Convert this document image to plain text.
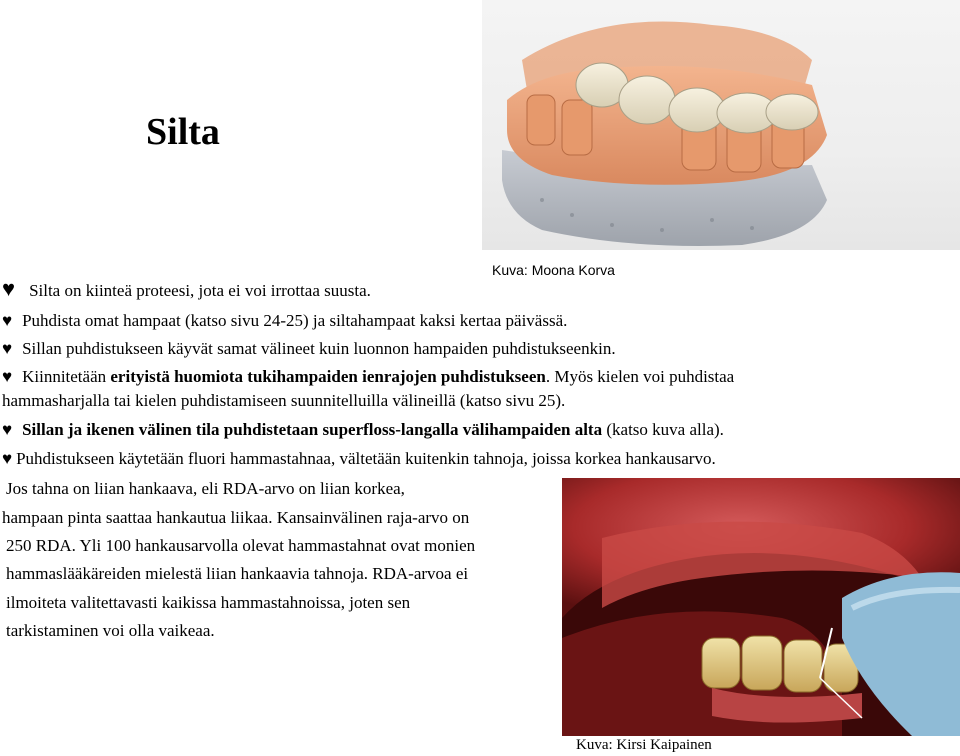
Silta
Kuva: Moona Korva
♥ Silta on kiinteä proteesi, jota ei voi irrottaa suusta.
♥ Puhdista omat hampaat (katso sivu 24-25) ja siltahampaat kaksi kertaa päivässä.
♥ Sillan puhdistukseen käyvät samat välineet kuin luonnon hampaiden puhdistukseenkin.
♥ Kiinnitetään erityistä huomiota tukihampaiden ienrajojen puhdistukseen. Myös kielen voi puhdistaa
hammasharjalla tai kielen puhdistamiseen suunnitelluilla välineillä (katso sivu 25).
♥ Sillan ja ikenen välinen tila puhdistetaan superfloss-langalla välihampaiden alta (katso kuva alla).
♥ Puhdistukseen käytetään fluori hammastahnaa, vältetään kuitenkin tahnoja, joissa korkea hankausarvo.
Jos tahna on liian hankaava, eli RDA-arvo on liian korkea,
hampaan pinta saattaa hankautua liikaa. Kansainvälinen raja-arvo on
250 RDA. Yli 100 hankausarvolla olevat hammastahnat ovat monien
hammaslääkäreiden mielestä liian hankaavia tahnoja. RDA-arvoa ei
ilmoiteta valitettavasti kaikissa hammastahnoissa, joten sen
tarkistaminen voi olla vaikeaa.
Kuva: Kirsi Kaipainen
